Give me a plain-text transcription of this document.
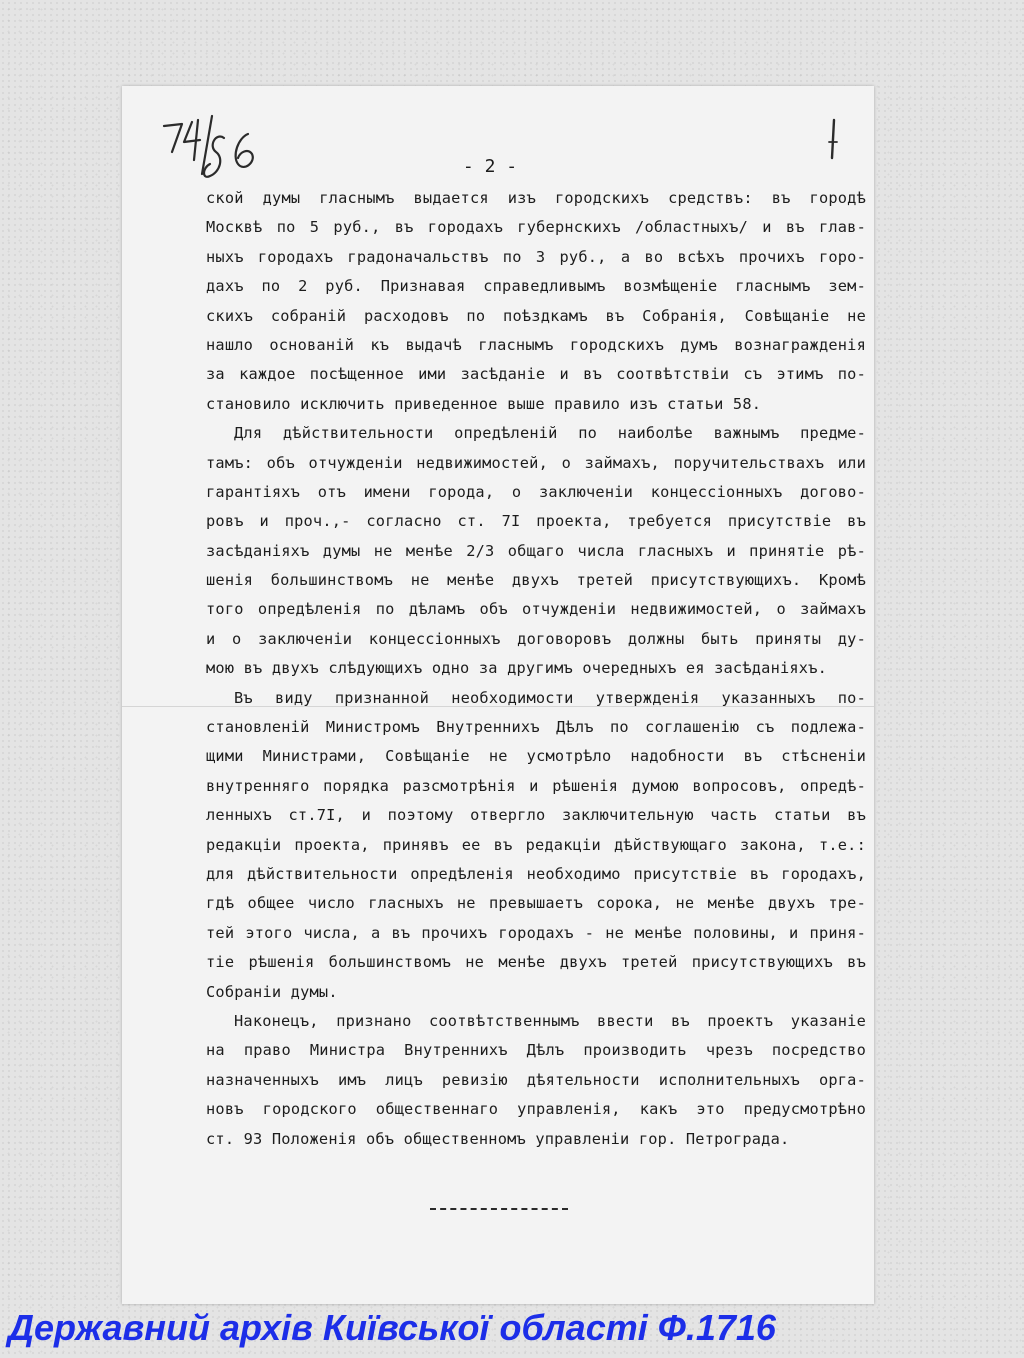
- 2 -
ской думы гласнымъ выдается изъ городскихъ средствъ: въ городѣ
Москвѣ по 5 руб., въ городахъ губернскихъ /областныхъ/ и въ глав-
ныхъ городахъ градоначальствъ по 3 руб., а во всѣхъ прочихъ горо-
дахъ по 2 руб. Признавая справедливымъ возмѣщеніе гласнымъ зем-
скихъ собраній расходовъ по поѣздкамъ въ Собранія, Совѣщаніе не
нашло основаній къ выдачѣ гласнымъ городскихъ думъ вознагражденія
за каждое посѣщенное ими засѣданіе и въ соотвѣтствіи съ этимъ по-
становило исключить приведенное выше правило изъ статьи 58.
Для дѣйствительности опредѣленій по наиболѣе важнымъ предме-
тамъ: объ отчужденіи недвижимостей, о займахъ, поручительствахъ или
гарантіяхъ отъ имени города, о заключеніи концессіонныхъ догово-
ровъ и проч.,- согласно ст. 7I проекта, требуется присутствіе въ
засѣданіяхъ думы не менѣе 2/3 общаго числа гласныхъ и принятіе рѣ-
шенія большинствомъ не менѣе двухъ третей присутствующихъ. Кромѣ
того опредѣленія по дѣламъ объ отчужденіи недвижимостей, о займахъ
и о заключеніи концессіонныхъ договоровъ должны быть приняты ду-
мою въ двухъ слѣдующихъ одно за другимъ очередныхъ ея засѣданіяхъ.
Въ виду признанной необходимости утвержденія указанныхъ по-
становленій Министромъ Внутреннихъ Дѣлъ по соглашенію съ подлежа-
щими Министрами, Совѣщаніе не усмотрѣло надобности въ стѣсненіи
внутренняго порядка разсмотрѣнія и рѣшенія думою вопросовъ, опредѣ-
ленныхъ ст.7I, и поэтому отвергло заключительную часть статьи въ
редакціи проекта, принявъ ее въ редакціи дѣйствующаго закона, т.е.:
для дѣйствительности опредѣленія необходимо присутствіе въ городахъ,
гдѣ общее число гласныхъ не превышаетъ сорока, не менѣе двухъ тре-
тей этого числа, а въ прочихъ городахъ - не менѣе половины, и приня-
тіе рѣшенія большинствомъ не менѣе двухъ третей присутствующихъ въ
Собраніи думы.
Наконецъ, признано соотвѣтственнымъ ввести въ проектъ указаніе
на право Министра Внутреннихъ Дѣлъ производить чрезъ посредство
назначенныхъ имъ лицъ ревизію дѣятельности исполнительныхъ орга-
новъ городского общественнаго управленія, какъ это предусмотрѣно
ст. 93 Положенія объ общественномъ управленіи гор. Петрограда.
Державний архів Київської області Ф.1716
